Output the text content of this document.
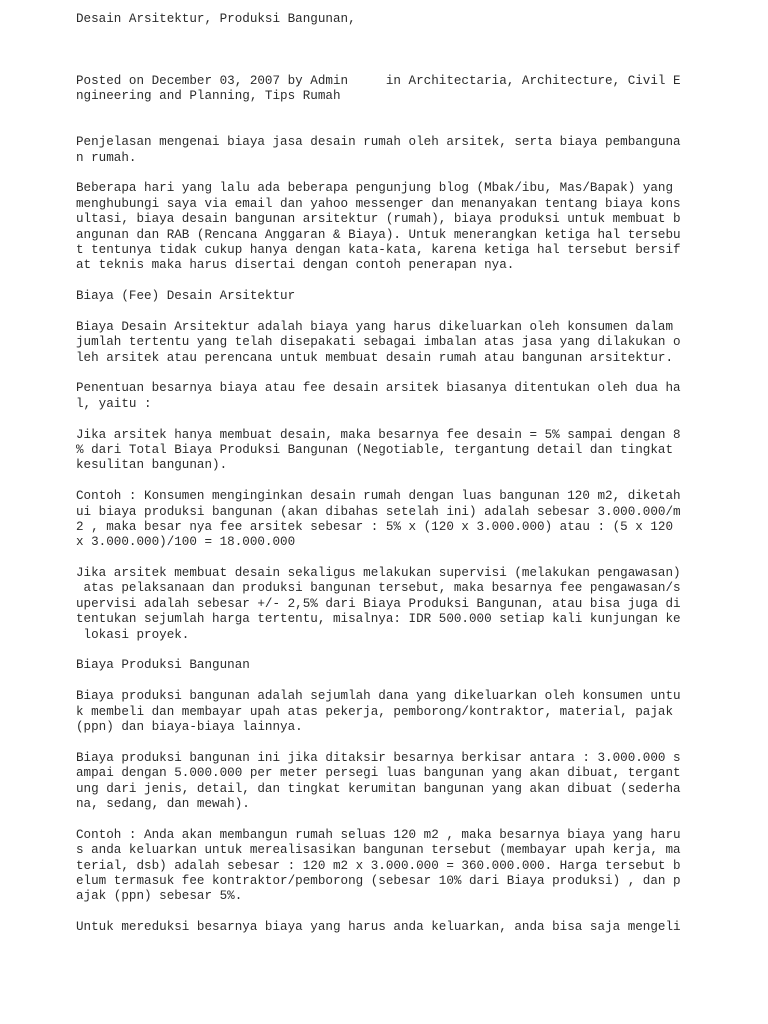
Desain Arsitektur, Produksi Bangunan,
Posted on December 03, 2007 by Admin     in Architectaria, Architecture, Civil E
ngineering and Planning, Tips Rumah
Penjelasan mengenai biaya jasa desain rumah oleh arsitek, serta biaya pembanguna
n rumah.
Beberapa hari yang lalu ada beberapa pengunjung blog (Mbak/ibu, Mas/Bapak) yang
menghubungi saya via email dan yahoo messenger dan menanyakan tentang biaya kons
ultasi, biaya desain bangunan arsitektur (rumah), biaya produksi untuk membuat b
angunan dan RAB (Rencana Anggaran & Biaya). Untuk menerangkan ketiga hal tersebu
t tentunya tidak cukup hanya dengan kata-kata, karena ketiga hal tersebut bersif
at teknis maka harus disertai dengan contoh penerapan nya.
Biaya (Fee) Desain Arsitektur
Biaya Desain Arsitektur adalah biaya yang harus dikeluarkan oleh konsumen dalam
jumlah tertentu yang telah disepakati sebagai imbalan atas jasa yang dilakukan o
leh arsitek atau perencana untuk membuat desain rumah atau bangunan arsitektur.
Penentuan besarnya biaya atau fee desain arsitek biasanya ditentukan oleh dua ha
l, yaitu :
Jika arsitek hanya membuat desain, maka besarnya fee desain = 5% sampai dengan 8
% dari Total Biaya Produksi Bangunan (Negotiable, tergantung detail dan tingkat
kesulitan bangunan).
Contoh : Konsumen menginginkan desain rumah dengan luas bangunan 120 m2, diketah
ui biaya produksi bangunan (akan dibahas setelah ini) adalah sebesar 3.000.000/m
2 , maka besar nya fee arsitek sebesar : 5% x (120 x 3.000.000) atau : (5 x 120
x 3.000.000)/100 = 18.000.000
Jika arsitek membuat desain sekaligus melakukan supervisi (melakukan pengawasan)
atas pelaksanaan dan produksi bangunan tersebut, maka besarnya fee pengawasan/s
upervisi adalah sebesar +/- 2,5% dari Biaya Produksi Bangunan, atau bisa juga di
tentukan sejumlah harga tertentu, misalnya: IDR 500.000 setiap kali kunjungan ke
lokasi proyek.
Biaya Produksi Bangunan
Biaya produksi bangunan adalah sejumlah dana yang dikeluarkan oleh konsumen untu
k membeli dan membayar upah atas pekerja, pemborong/kontraktor, material, pajak
(ppn) dan biaya-biaya lainnya.
Biaya produksi bangunan ini jika ditaksir besarnya berkisar antara : 3.000.000 s
ampai dengan 5.000.000 per meter persegi luas bangunan yang akan dibuat, tergant
ung dari jenis, detail, dan tingkat kerumitan bangunan yang akan dibuat (sederha
na, sedang, dan mewah).
Contoh : Anda akan membangun rumah seluas 120 m2 , maka besarnya biaya yang haru
s anda keluarkan untuk merealisasikan bangunan tersebut (membayar upah kerja, ma
terial, dsb) adalah sebesar : 120 m2 x 3.000.000 = 360.000.000. Harga tersebut b
elum termasuk fee kontraktor/pemborong (sebesar 10% dari Biaya produksi) , dan p
ajak (ppn) sebesar 5%.
Untuk mereduksi besarnya biaya yang harus anda keluarkan, anda bisa saja mengeli
